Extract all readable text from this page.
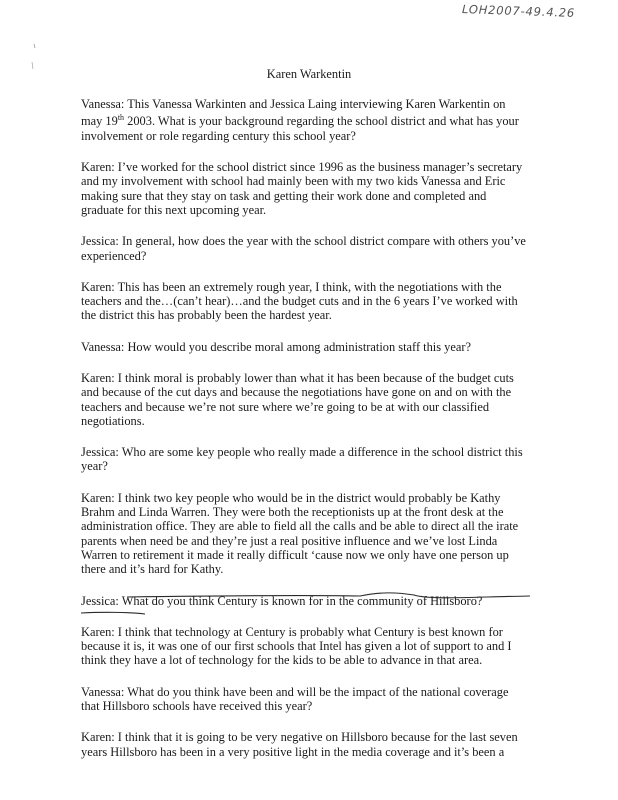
LOH2007-49.4.26
Karen Warkentin

Vanessa: This Vanessa Warkinten and Jessica Laing interviewing Karen Warkentin on
may 19th 2003. What is your background regarding the school district and what has your
involvement or role regarding century this school year?

Karen: I’ve worked for the school district since 1996 as the business manager’s secretary
and my involvement with school had mainly been with my two kids Vanessa and Eric
making sure that they stay on task and getting their work done and completed and
graduate for this next upcoming year.

Jessica: In general, how does the year with the school district compare with others you’ve
experienced?

Karen: This has been an extremely rough year, I think, with the negotiations with the
teachers and the…(can’t hear)…and the budget cuts and in the 6 years I’ve worked with
the district this has probably been the hardest year.

Vanessa: How would you describe moral among administration staff this year?

Karen: I think moral is probably lower than what it has been because of the budget cuts
and because of the cut days and because the negotiations have gone on and on with the
teachers and because we’re not sure where we’re going to be at with our classified
negotiations.

Jessica: Who are some key people who really made a difference in the school district this
year?

Karen: I think two key people who would be in the district would probably be Kathy
Brahm and Linda Warren. They were both the receptionists up at the front desk at the
administration office. They are able to field all the calls and be able to direct all the irate
parents when need be and they’re just a real positive influence and we’ve lost Linda
Warren to retirement it made it really difficult ‘cause now we only have one person up
there and it’s hard for Kathy.

Jessica: What do you think Century is known for in the community of Hillsboro?

Karen: I think that technology at Century is probably what Century is best known for
because it is, it was one of our first schools that Intel has given a lot of support to and I
think they have a lot of technology for the kids to be able to advance in that area.

Vanessa: What do you think have been and will be the impact of the national coverage
that Hillsboro schools have received this year?

Karen: I think that it is going to be very negative on Hillsboro because for the last seven
years Hillsboro has been in a very positive light in the media coverage and it’s been a
